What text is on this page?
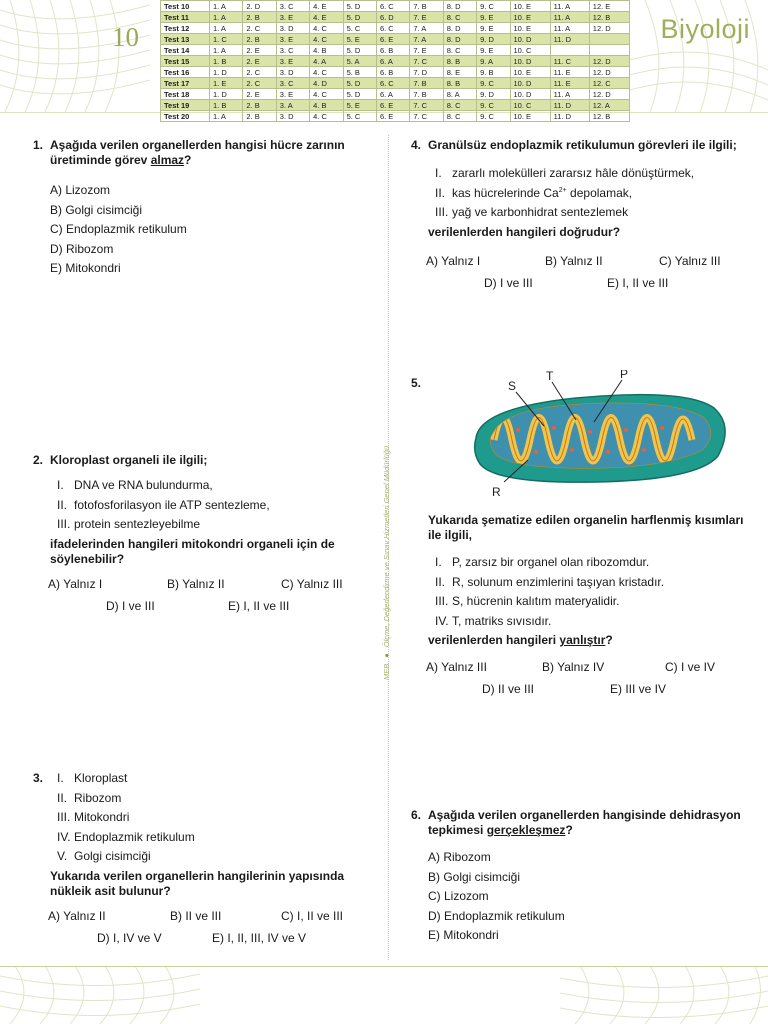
10	Biyoloji
Test 10	1. A	2. D	3. C	4. E	5. D	6. C	7. B	8. D	9. C	10. E	11. A	12. E
Test 11	1. A	2. B	3. E	4. E	5. D	6. D	7. E	8. C	9. E	10. E	11. A	12. B
Test 12	1. A	2. C	3. D	4. C	5. C	6. C	7. A	8. D	9. E	10. E	11. A	12. D
Test 13	1. C	2. B	3. E	4. C	5. E	6. E	7. A	8. D	9. D	10. D	11. D	
Test 14	1. A	2. E	3. C	4. B	5. D	6. B	7. E	8. C	9. E	10. C		
Test 15	1. B	2. E	3. E	4. A	5. A	6. A	7. C	8. B	9. A	10. D	11. C	12. D
Test 16	1. D	2. C	3. D	4. C	5. B	6. B	7. D	8. E	9. B	10. E	11. E	12. D
Test 17	1. E	2. C	3. C	4. D	5. D	6. C	7. B	8. B	9. C	10. D	11. E	12. C
Test 18	1. D	2. E	3. E	4. C	5. D	6. A	7. B	8. A	9. D	10. D	11. A	12. D
Test 19	1. B	2. B	3. A	4. B	5. E	6. E	7. C	8. C	9. C	10. C	11. D	12. A
Test 20	1. A	2. B	3. D	4. C	5. C	6. E	7. C	8. C	9. C	10. E	11. D	12. B
MEB●Ölçme, Değerlendirme ve Sınav Hizmetleri Genel Müdürlüğü
1. Aşağıda verilen organellerden hangisi hücre zarının üretiminde görev almaz?
A) Lizozom
B) Golgi cisimciği
C) Endoplazmik retikulum
D) Ribozom
E) Mitokondri
2. Kloroplast organeli ile ilgili;
I. DNA ve RNA bulundurma,
II. fotofosforilasyon ile ATP sentezleme,
III. protein sentezleyebilme
ifadelerinden hangileri mitokondri organeli için de söylenebilir?
A) Yalnız I	B) Yalnız II	C) Yalnız III
D) I ve III	E) I, II ve III
3. I. Kloroplast
II. Ribozom
III. Mitokondri
IV. Endoplazmik retikulum
V. Golgi cisimciği
Yukarıda verilen organellerin hangilerinin yapısında nükleik asit bulunur?
A) Yalnız II	B) II ve III	C) I, II ve III
D) I, IV ve V	E) I, II, III, IV ve V
4. Granülsüz endoplazmik retikulumun görevleri ile ilgili;
I. zararlı molekülleri zararsız hâle dönüştürmek,
II. kas hücrelerinde $Ca^{2+}$ depolamak,
III. yağ ve karbonhidrat sentezlemek
verilenlerden hangileri doğrudur?
A) Yalnız I	B) Yalnız II	C) Yalnız III
D) I ve III	E) I, II ve III
5.	S
T	P
R
Yukarıda şematize edilen organelin harflenmiş kısımları ile ilgili,
I. P, zarsız bir organel olan ribozomdur.
II. R, solunum enzimlerini taşıyan kristadır.
III. S, hücrenin kalıtım materyalidir.
IV. T, matriks sıvısıdır.
verilenlerden hangileri yanlıştır?
A) Yalnız III	B) Yalnız IV	C) I ve IV
D) II ve III	E) III ve IV
6. Aşağıda verilen organellerden hangisinde dehidrasyon tepkimesi gerçekleşmez?
A) Ribozom
B) Golgi cisimciği
C) Lizozom
D) Endoplazmik retikulum
E) Mitokondri
